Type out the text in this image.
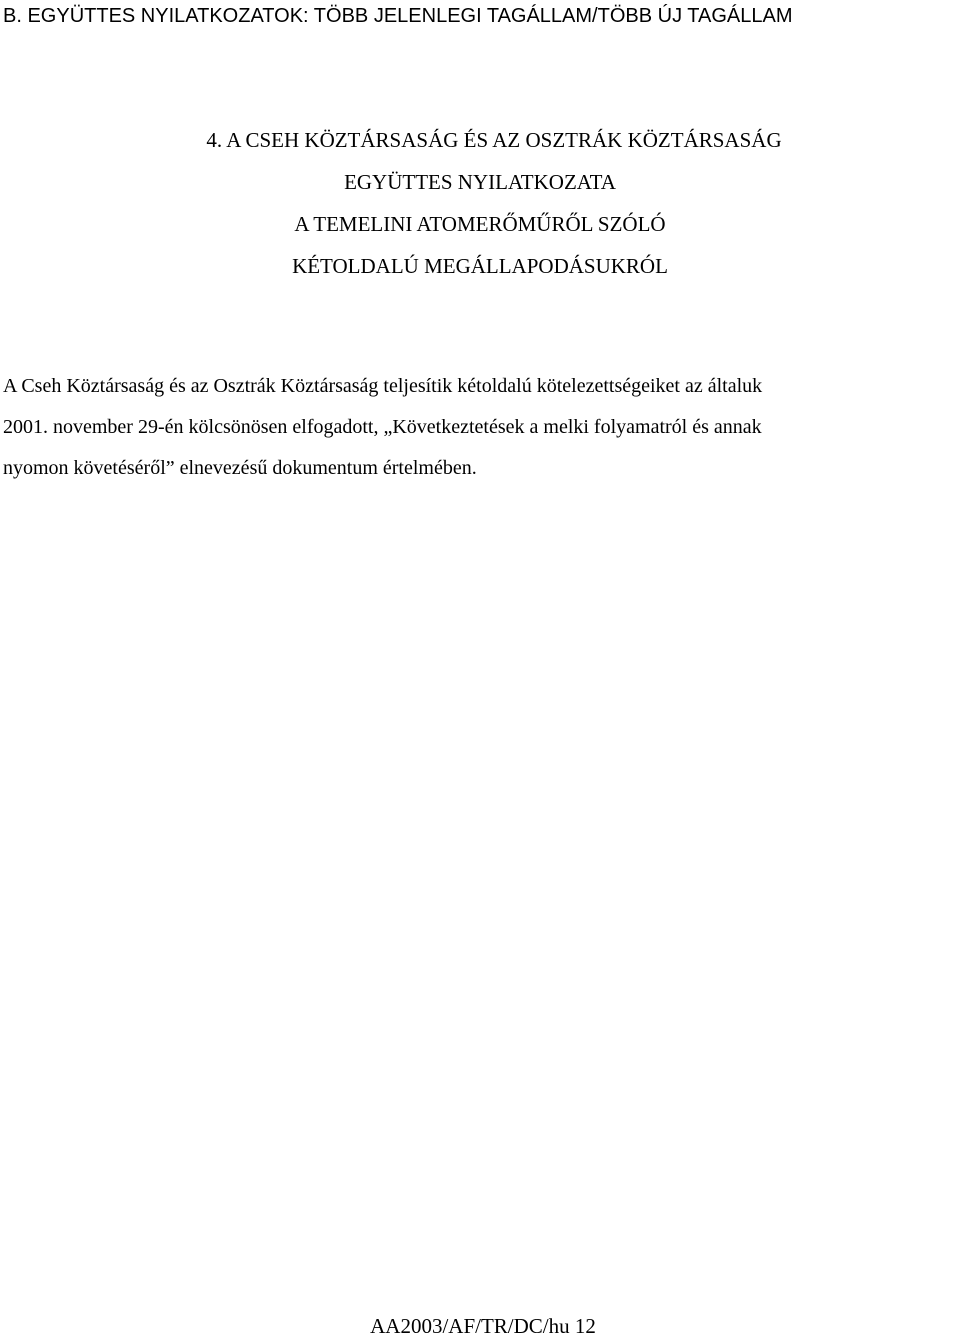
B. EGYÜTTES NYILATKOZATOK: TÖBB JELENLEGI TAGÁLLAM/TÖBB ÚJ TAGÁLLAM
4. A CSEH KÖZTÁRSASÁG ÉS AZ OSZTRÁK KÖZTÁRSASÁG
EGYÜTTES NYILATKOZATA
A TEMELINI ATOMERŐMŰRŐL SZÓLÓ
KÉTOLDALÚ MEGÁLLAPODÁSUKRÓL

A Cseh Köztársaság és az Osztrák Köztársaság teljesítik kétoldalú kötelezettségeiket az általuk
2001. november 29-én kölcsönösen elfogadott, „Következtetések a melki folyamatról és annak
nyomon követéséről” elnevezésű dokumentum értelmében.

AA2003/AF/TR/DC/hu 12
